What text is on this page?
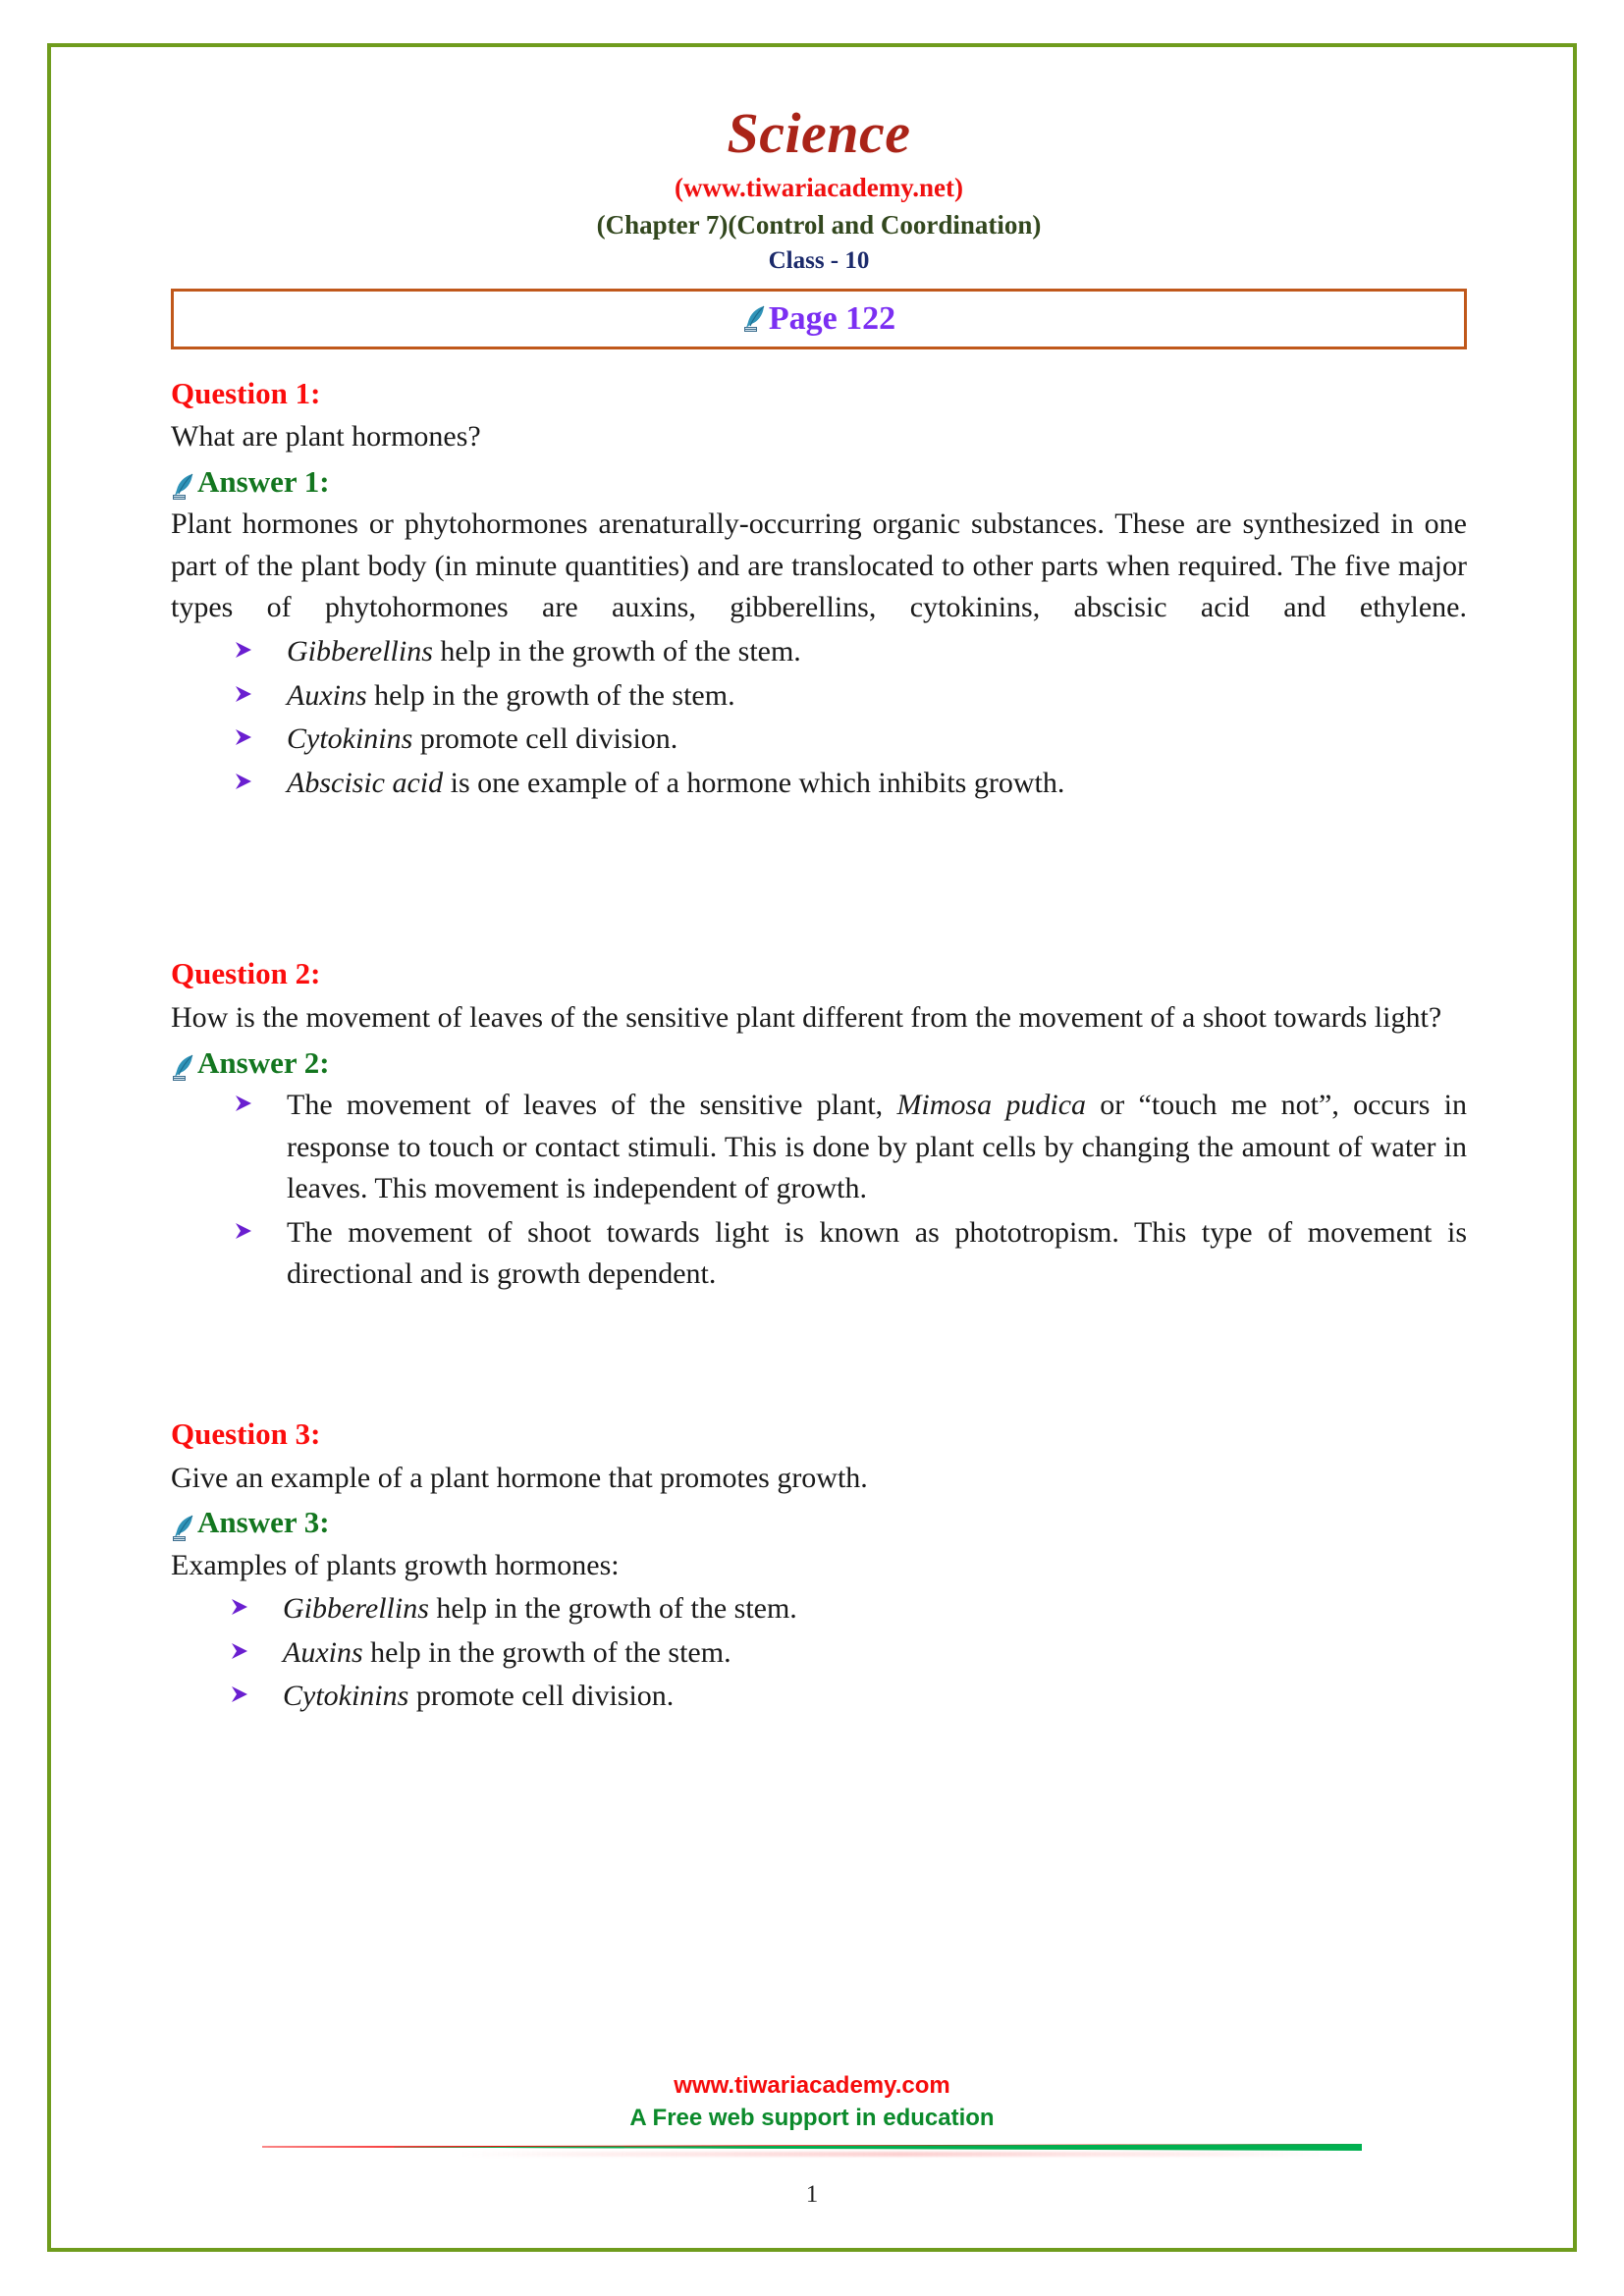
Science
(www.tiwariacademy.net)
(Chapter 7)(Control and Coordination)
Class - 10
Page 122
Question 1:
What are plant hormones?
Answer 1:
Plant hormones or phytohormones arenaturally-occurring organic substances. These are synthesized in one part of the plant body (in minute quantities) and are translocated to other parts when required. The five major types of phytohormones are auxins, gibberellins, cytokinins, abscisic acid and ethylene.
Gibberellins help in the growth of the stem.
Auxins help in the growth of the stem.
Cytokinins promote cell division.
Abscisic acid is one example of a hormone which inhibits growth.
Question 2:
How is the movement of leaves of the sensitive plant different from the movement of a shoot towards light?
Answer 2:
The movement of leaves of the sensitive plant, Mimosa pudica or “touch me not”, occurs in response to touch or contact stimuli. This is done by plant cells by changing the amount of water in leaves. This movement is independent of growth.
The movement of shoot towards light is known as phototropism. This type of movement is directional and is growth dependent.
Question 3:
Give an example of a plant hormone that promotes growth.
Answer 3:
Examples of plants growth hormones:
Gibberellins help in the growth of the stem.
Auxins help in the growth of the stem.
Cytokinins promote cell division.
www.tiwariacademy.com
A Free web support in education
1
